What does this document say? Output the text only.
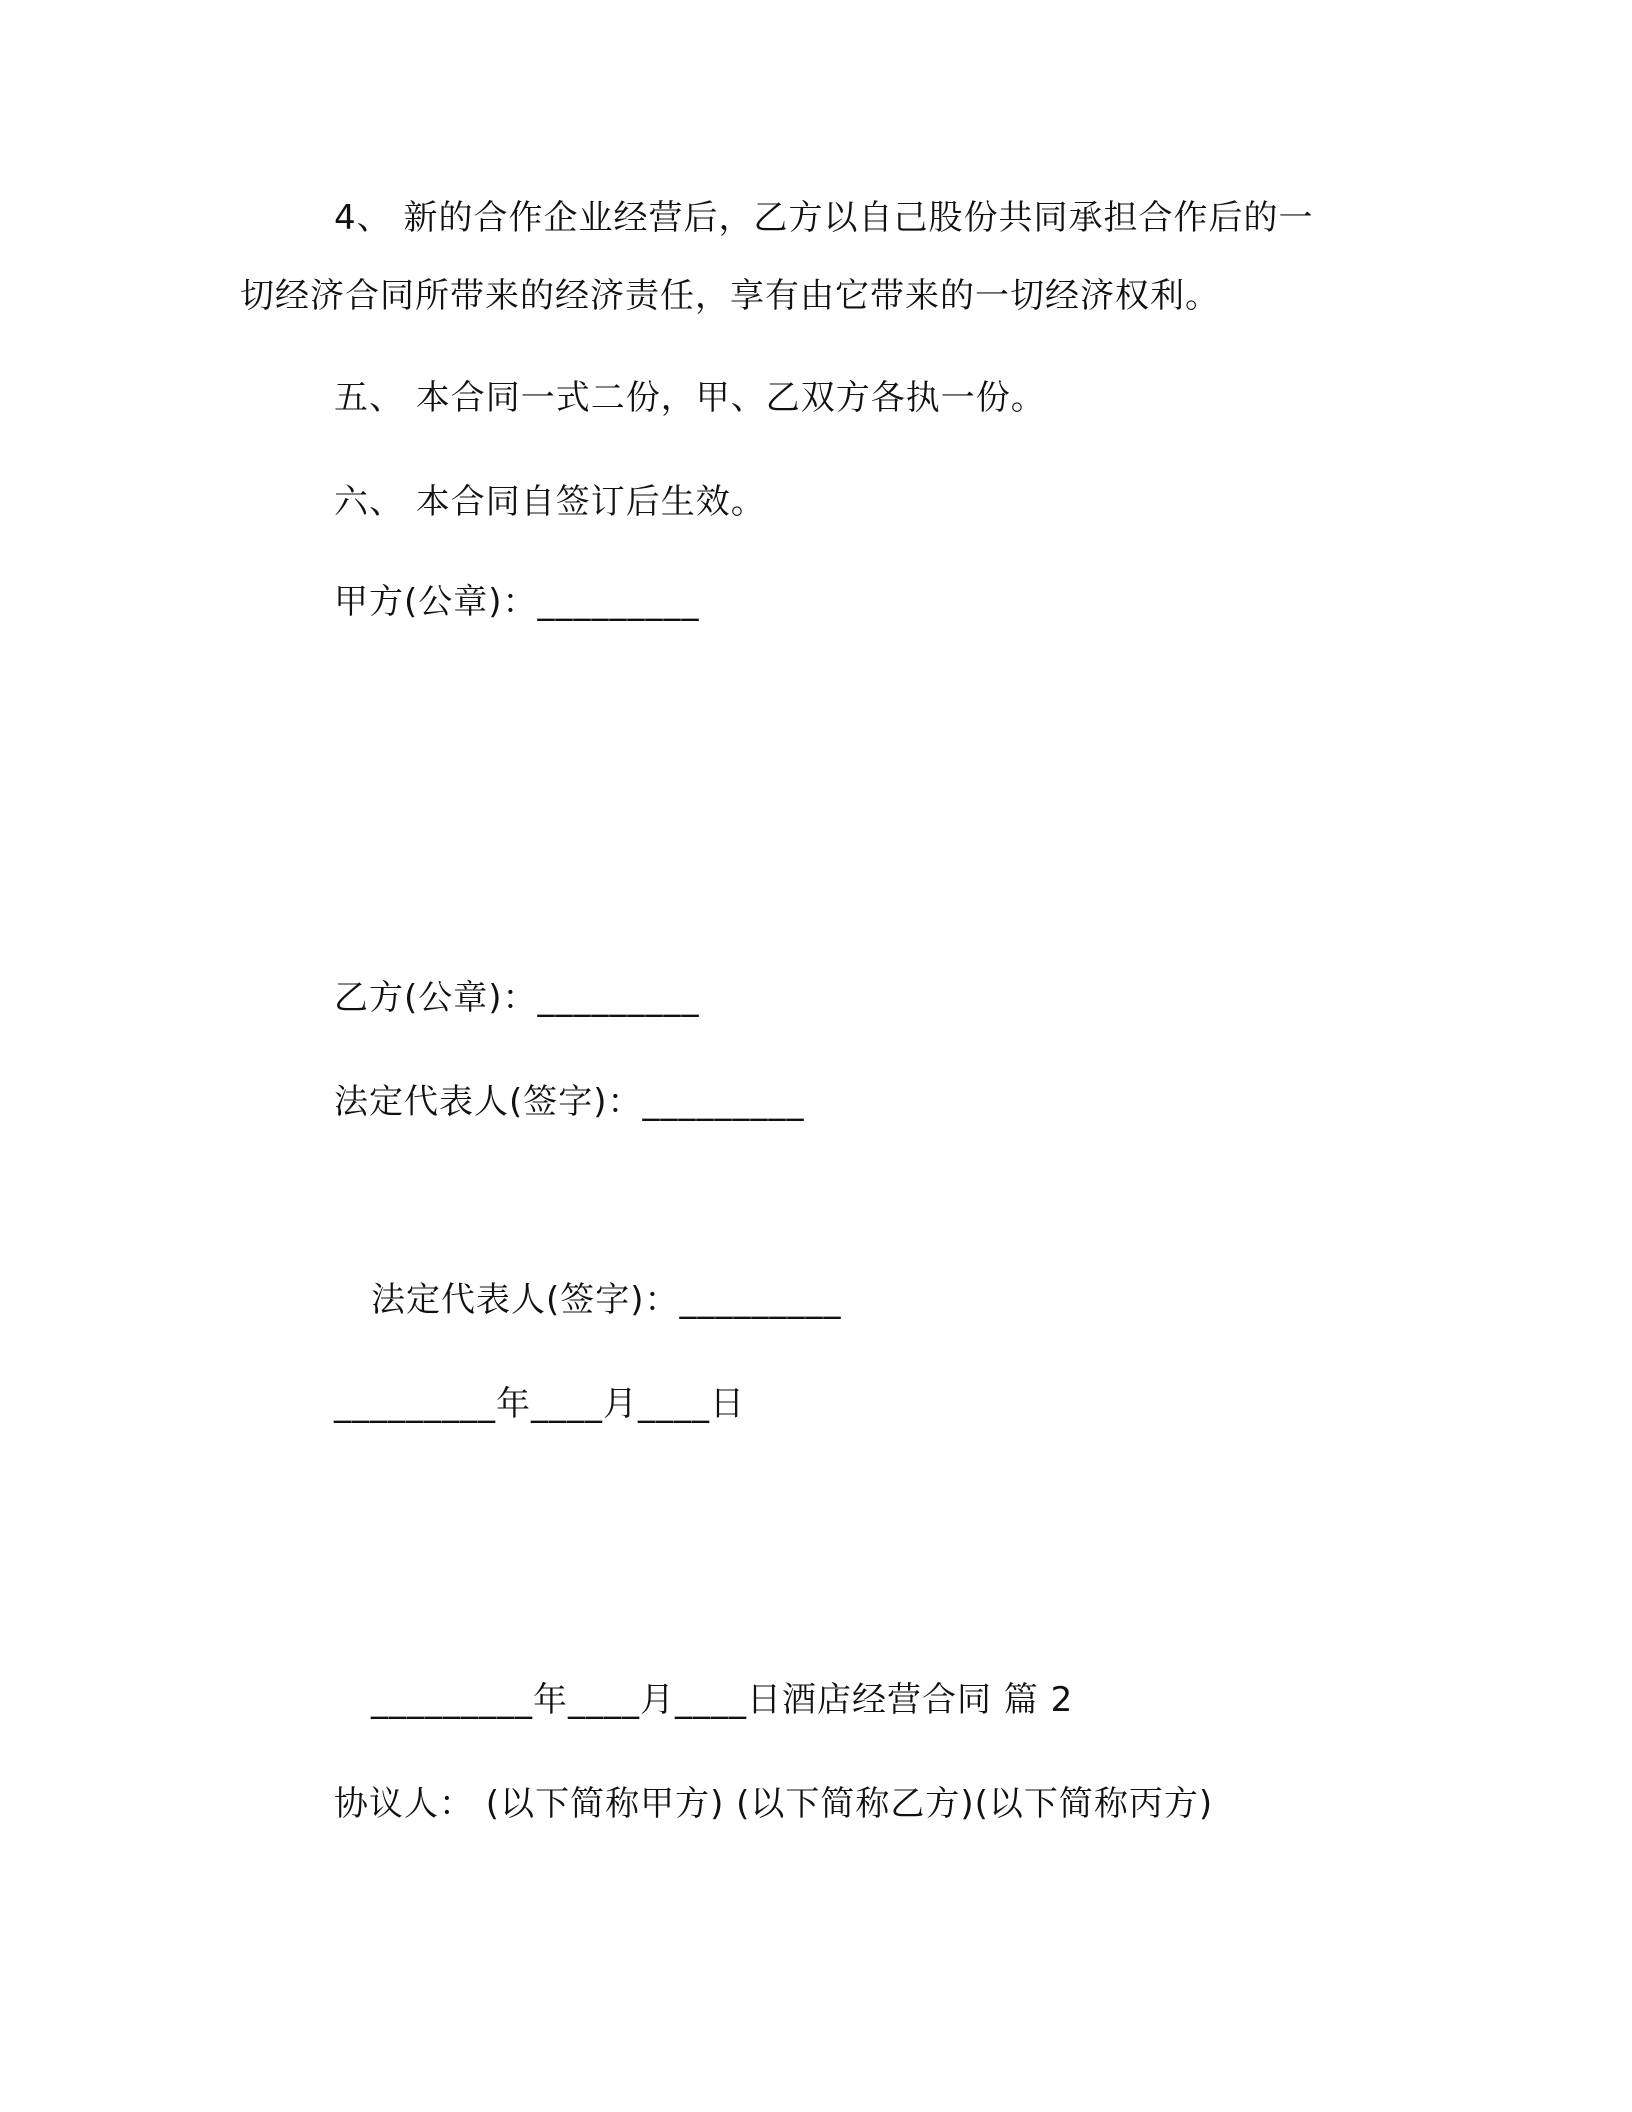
4、 新的合作企业经营后，乙方以自己股份共同承担合作后的一
切经济合同所带来的经济责任，享有由它带来的一切经济权利。
五、 本合同一式二份，甲、乙双方各执一份。
六、 本合同自签订后生效。
甲方(公章)：_________
乙方(公章)：_________
法定代表人(签字)：_________
法定代表人(签字)：_________
_________年____月____日
_________年____月____日酒店经营合同 篇 2
协议人： (以下简称甲方) (以下简称乙方)(以下简称丙方)
